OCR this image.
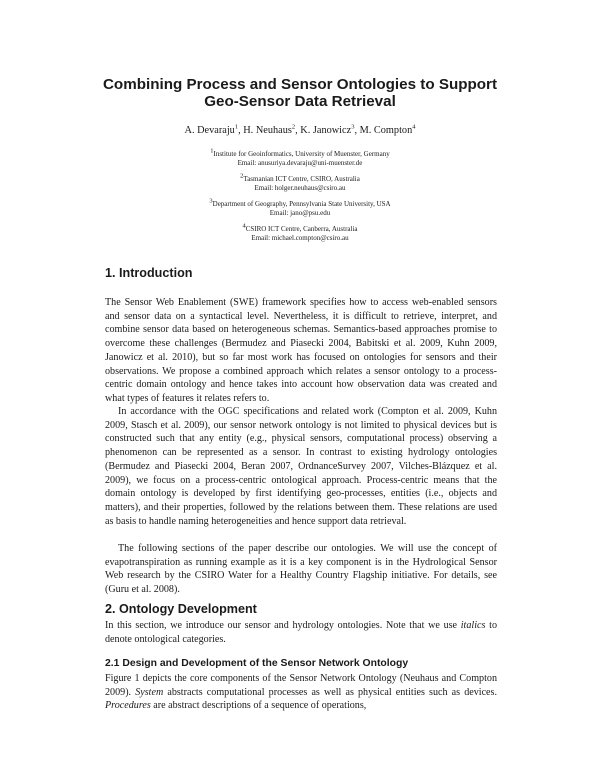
Combining Process and Sensor Ontologies to Support
Geo-Sensor Data Retrieval
A. Devaraju$^1$, H. Neuhaus$^2$, K. Janowicz$^3$, M. Compton$^4$
$^1$Institute for Geoinformatics, University of Muenster, Germany
Email: anusuriya.devaraju@uni-muenster.de
$^2$Tasmanian ICT Centre, CSIRO, Australia
Email: holger.neuhaus@csiro.au
$^3$Department of Geography, Pennsylvania State University, USA
Email: jano@psu.edu
$^4$CSIRO ICT Centre, Canberra, Australia
Email: michael.compton@csiro.au
1. Introduction

The Sensor Web Enablement (SWE) framework specifies how to access web-enabled sensors and sensor data on a syntactical level. Nevertheless, it is difficult to retrieve, interpret, and combine sensor data based on heterogeneous schemas. Semantics-based approaches promise to overcome these challenges (Bermudez and Piasecki 2004, Babitski et al. 2009, Kuhn 2009, Janowicz et al. 2010), but so far most work has focused on ontologies for sensors and their observations. We propose a combined approach which relates a sensor ontology to a process-centric domain ontology and hence takes into account how observation data was created and what types of features it relates refers to.

In accordance with the OGC specifications and related work (Compton et al. 2009, Kuhn 2009, Stasch et al. 2009), our sensor network ontology is not limited to physical devices but is constructed such that any entity (e.g., physical sensors, computational process) observing a phenomenon can be represented as a sensor. In contrast to existing hydrology ontologies (Bermudez and Piasecki 2004, Beran 2007, OrdnanceSurvey 2007, Vilches-Blázquez et al. 2009), we focus on a process-centric ontological approach. Process-centric means that the domain ontology is developed by first identifying geo-processes, entities (i.e., objects and matters), and their properties, followed by the relations between them. These relations are used as basis to handle naming heterogeneities and hence support data retrieval.

The following sections of the paper describe our ontologies. We will use the concept of evapotranspiration as running example as it is a key component is in the Hydrological Sensor Web research by the CSIRO Water for a Healthy Country Flagship initiative. For details, see (Guru et al. 2008).

2. Ontology Development

In this section, we introduce our sensor and hydrology ontologies. Note that we use italics to denote ontological categories.

2.1 Design and Development of the Sensor Network Ontology

Figure 1 depicts the core components of the Sensor Network Ontology (Neuhaus and Compton 2009). System abstracts computational processes as well as physical entities such as devices. Procedures are abstract descriptions of a sequence of operations,
